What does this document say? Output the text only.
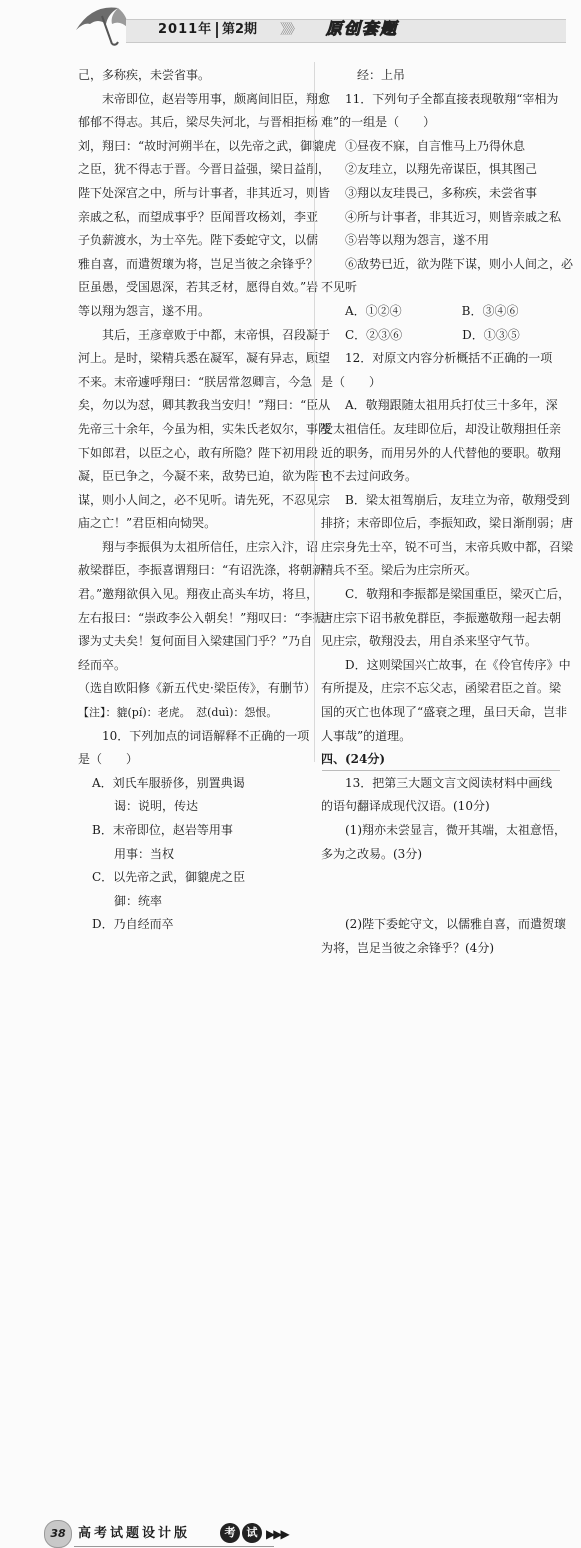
2011年 第2期 》》》 原创套题
己，多称疾，未尝省事。
末帝即位，赵岩等用事，颇离间旧臣，翔愈
郁郁不得志。其后，梁尽失河北，与晋相拒杨
刘，翔曰：“故时河朔半在，以先帝之武，御貔虎
之臣，犹不得志于晋。今晋日益强，梁日益削，
陛下处深宫之中，所与计事者，非其近习，则皆
亲戚之私，而望成事乎？臣闻晋攻杨刘，李亚
子负薪渡水，为士卒先。陛下委蛇守文，以儒
雅自喜，而遣贺瓌为将，岂足当彼之余锋乎？
臣虽愚，受国恩深，若其乏材，愿得自效。”岩
等以翔为怨言，遂不用。
其后，王彦章败于中都，末帝惧，召段凝于
河上。是时，梁精兵悉在凝军，凝有异志，顾望
不来。末帝遽呼翔曰：“朕居常忽卿言，今急
矣，勿以为怼，卿其教我当安归！”翔曰：“臣从
先帝三十余年，今虽为相，实朱氏老奴尔，事陛
下如郎君，以臣之心，敢有所隐？陛下初用段
凝，臣已争之，今凝不来，敌势已迫，欲为陛下
谋，则小人间之，必不见听。请先死，不忍见宗
庙之亡！”君臣相向恸哭。
翔与李振俱为太祖所信任，庄宗入汴，诏
赦梁群臣，李振喜谓翔曰：“有诏洗涤，将朝新
君。”邀翔欲俱入见。翔夜止高头车坊，将旦，
左右报曰：“崇政李公入朝矣！”翔叹曰：“李振
谬为丈夫矣！复何面目入梁建国门乎？”乃自
经而卒。
（选自欧阳修《新五代史·梁臣传》，有删节）
【注】：貔(pí)：老虎。　怼(duì)：怨恨。
10．下列加点的词语解释不正确的一项
是（　　）
A．刘氏车服骄侈，别置典谒
谒：说明，传达
B．末帝即位，赵岩等用事
用事：当权
C．以先帝之武，御貔虎之臣
御：统率
D．乃自经而卒
经：上吊
11．下列句子全都直接表现敬翔“宰相为
难”的一组是（　　）
①昼夜不寐，自言惟马上乃得休息
②友珪立，以翔先帝谋臣，惧其图己
③翔以友珪畏己，多称疾，未尝省事
④所与计事者，非其近习，则皆亲戚之私
⑤岩等以翔为怨言，遂不用
⑥敌势已近，欲为陛下谋，则小人间之，必
不见听
A．①②④　　　　　B．③④⑥
C．②③⑥　　　　　D．①③⑤
12．对原文内容分析概括不正确的一项
是（　　）
A．敬翔跟随太祖用兵打仗三十多年，深
受太祖信任。友珪即位后，却没让敬翔担任亲
近的职务，而用另外的人代替他的要职。敬翔
也不去过问政务。
B．梁太祖驾崩后，友珪立为帝，敬翔受到
排挤；末帝即位后，李振知政，梁日渐削弱；唐
庄宗身先士卒，锐不可当，末帝兵败中都，召梁
精兵不至。梁后为庄宗所灭。
C．敬翔和李振都是梁国重臣，梁灭亡后，
唐庄宗下诏书赦免群臣，李振邀敬翔一起去朝
见庄宗，敬翔没去，用自杀来坚守气节。
D．这则梁国兴亡故事，在《伶官传序》中
有所提及，庄宗不忘父志，函梁君臣之首。梁
国的灭亡也体现了“盛衰之理，虽曰天命，岂非
人事哉”的道理。
四、(24分)
13．把第三大题文言文阅读材料中画线
的语句翻译成现代汉语。(10分)
(1)翔亦未尝显言，微开其端，太祖意悟，
多为之改易。(3分)
(2)陛下委蛇守文，以儒雅自喜，而遣贺瓌
为将，岂足当彼之余锋乎？(4分)
38 高考试题设计版	考	试 ▶▶▶
